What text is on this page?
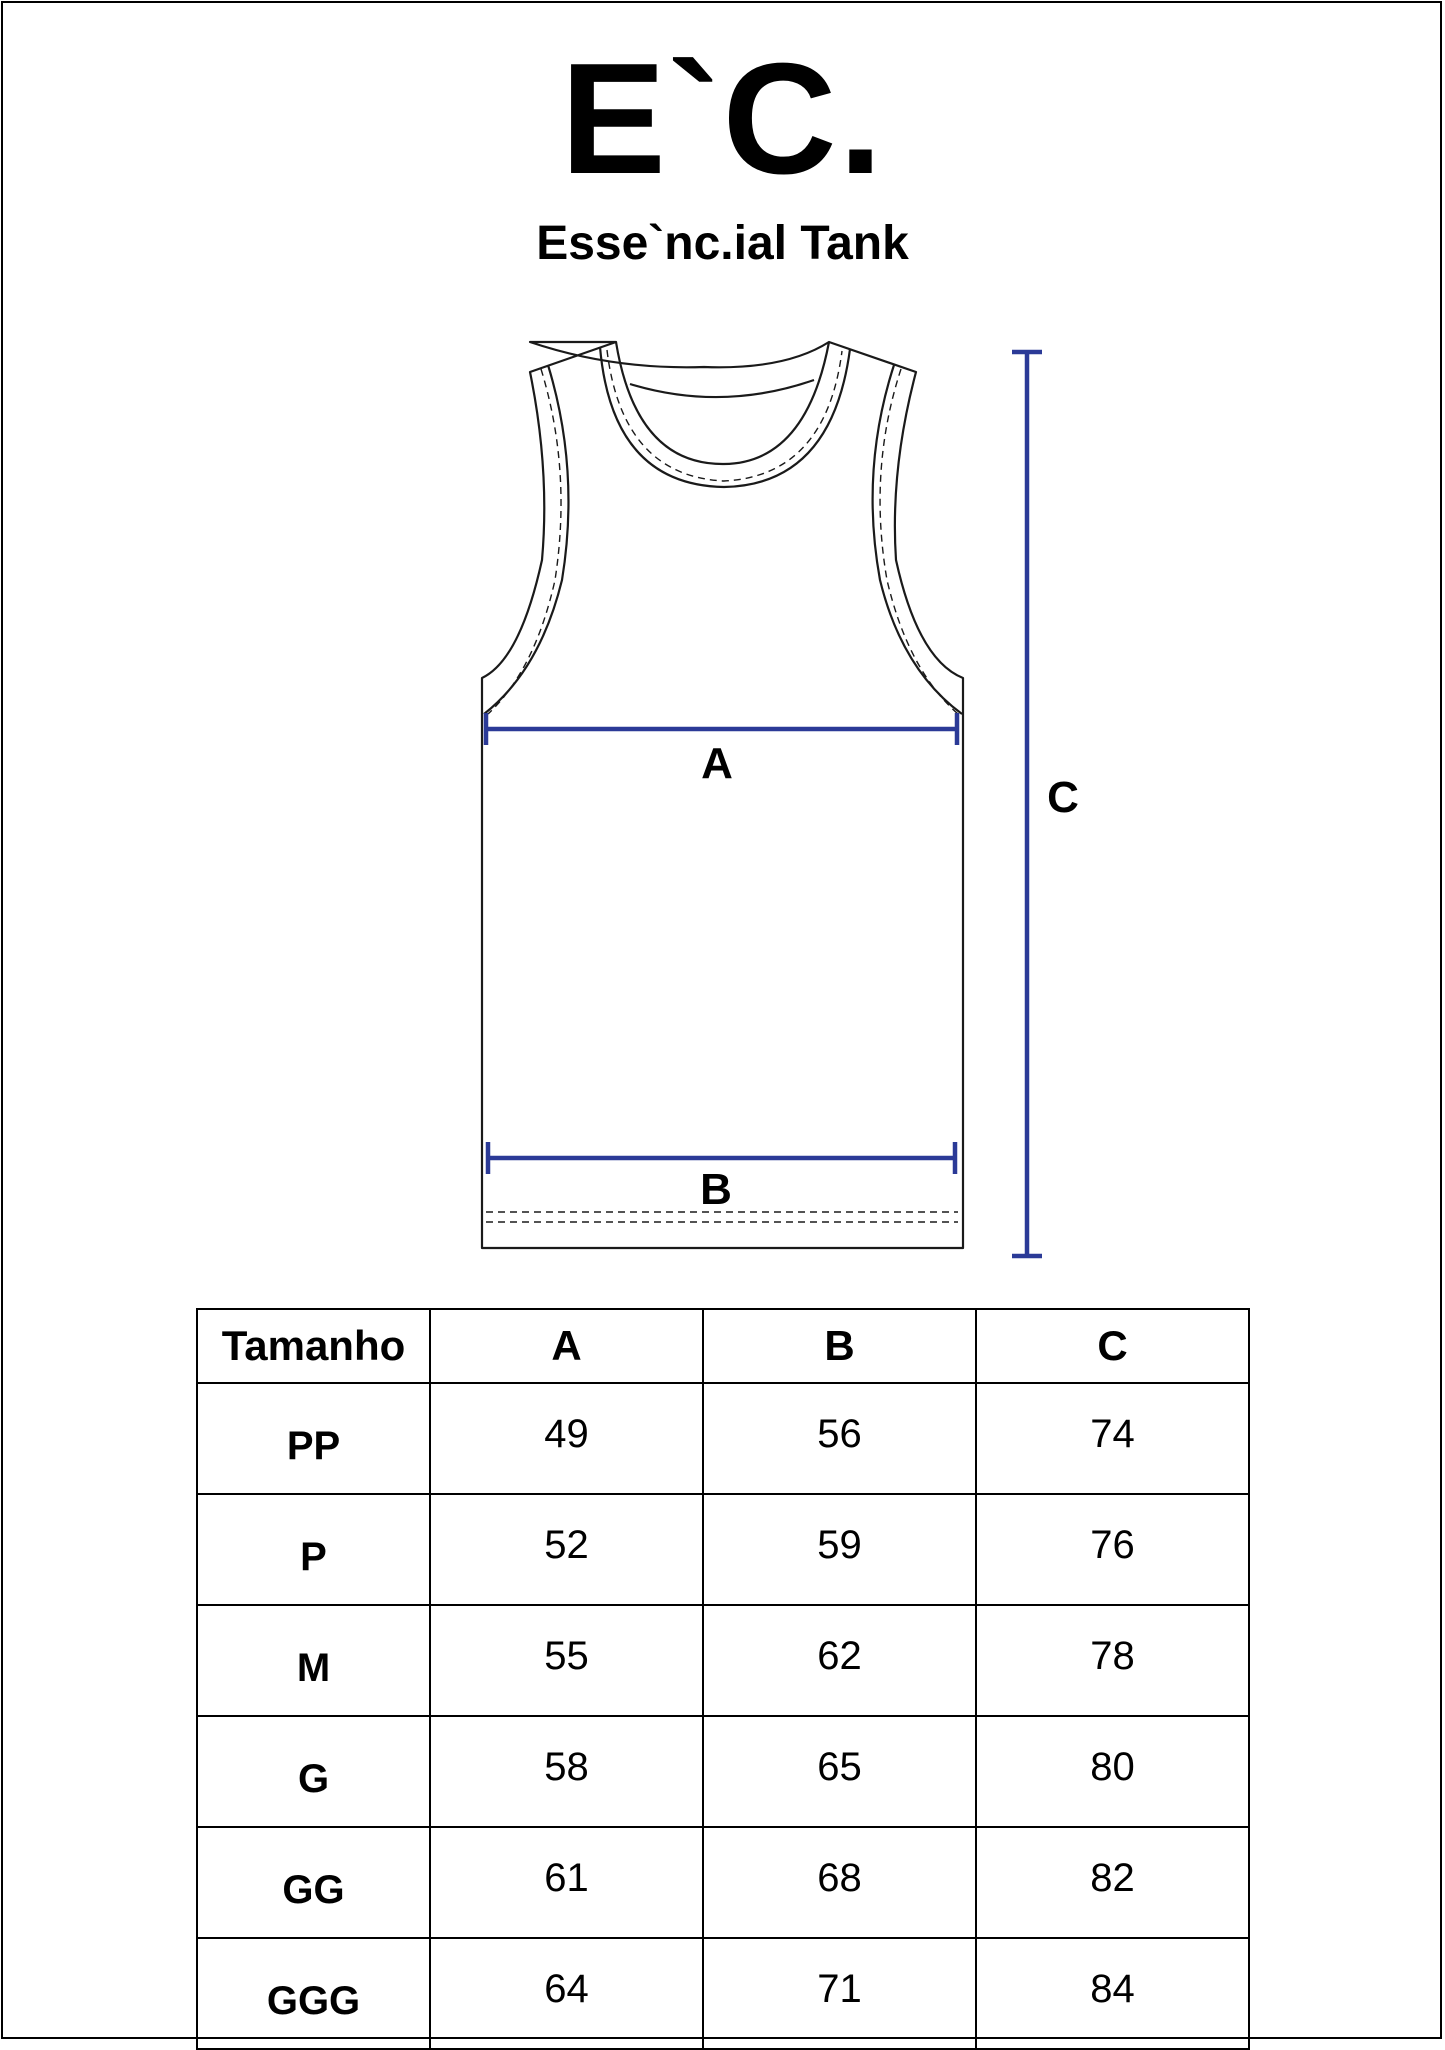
E`C.
Esse`nc.ial Tank
A
B
C
Tamanho	A	B	C
PP	49	56	74
P	52	59	76
M	55	62	78
G	58	65	80
GG	61	68	82
GGG	64	71	84
